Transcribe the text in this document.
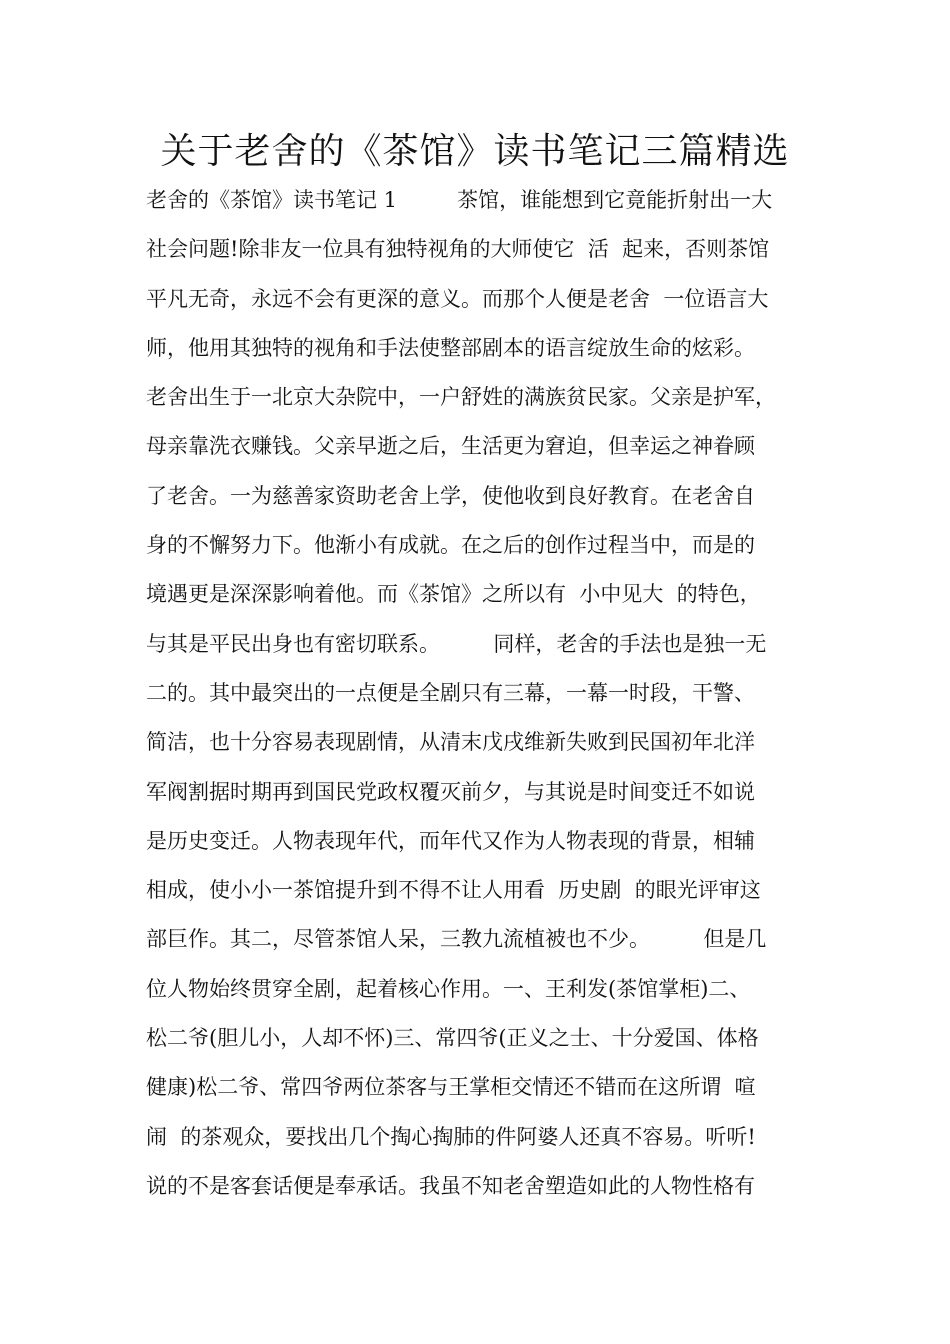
关于老舍的《茶馆》读书笔记三篇精选
老舍的《茶馆》读书笔记 1         茶馆，谁能想到它竟能折射出一大
社会问题!除非友一位具有独特视角的大师使它  活  起来，否则茶馆
平凡无奇，永远不会有更深的意义。而那个人便是老舍  一位语言大
师，他用其独特的视角和手法使整部剧本的语言绽放生命的炫彩。
老舍出生于一北京大杂院中，一户舒姓的满族贫民家。父亲是护军，
母亲靠洗衣赚钱。父亲早逝之后，生活更为窘迫，但幸运之神眷顾
了老舍。一为慈善家资助老舍上学，使他收到良好教育。在老舍自
身的不懈努力下。他渐小有成就。在之后的创作过程当中，而是的
境遇更是深深影响着他。而《茶馆》之所以有  小中见大  的特色，
与其是平民出身也有密切联系。        同样，老舍的手法也是独一无
二的。其中最突出的一点便是全剧只有三幕，一幕一时段，干警、
简洁，也十分容易表现剧情，从清末戊戌维新失败到民国初年北洋
军阀割据时期再到国民党政权覆灭前夕，与其说是时间变迁不如说
是历史变迁。人物表现年代，而年代又作为人物表现的背景，相辅
相成，使小小一茶馆提升到不得不让人用看  历史剧  的眼光评审这
部巨作。其二，尽管茶馆人呆，三教九流植被也不少。        但是几
位人物始终贯穿全剧，起着核心作用。一、王利发(茶馆掌柜)二、
松二爷(胆儿小，人却不怀)三、常四爷(正义之士、十分爱国、体格
健康)松二爷、常四爷两位茶客与王掌柜交情还不错而在这所谓  喧
闹  的茶观众，要找出几个掏心掏肺的件阿婆人还真不容易。听听!
说的不是客套话便是奉承话。我虽不知老舍塑造如此的人物性格有
